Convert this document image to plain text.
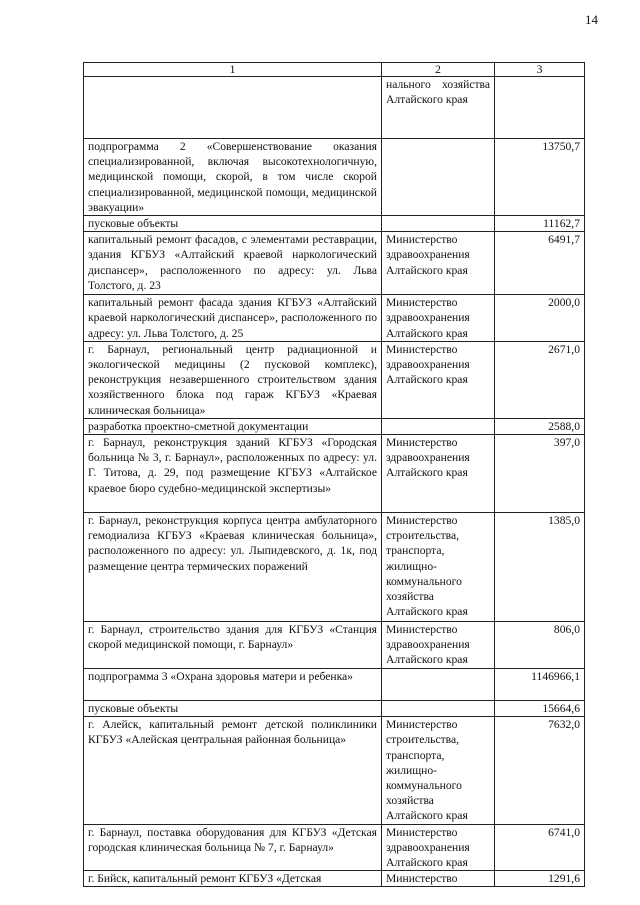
14
1	2	3
	нального хозяйства Алтайского края	
подпрограмма 2 «Совершенствование оказания специализированной, включая высокотехнологичную, медицинской помощи, скорой, в том числе скорой специализированной, медицинской помощи, медицинской эвакуации»		13750,7
пусковые объекты		11162,7
капитальный ремонт фасадов, с элементами реставрации, здания КГБУЗ «Алтайский краевой наркологический диспансер», расположенного по адресу: ул. Льва Толстого, д. 23	Министерство здравоохранения Алтайского края	6491,7
капитальный ремонт фасада здания КГБУЗ «Алтайский краевой наркологический диспансер», расположенного по адресу: ул. Льва Толстого, д. 25	Министерство здравоохранения Алтайского края	2000,0
г. Барнаул, региональный центр радиационной и экологической медицины (2 пусковой комплекс), реконструкция незавершенного строительством здания хозяйственного блока под гараж КГБУЗ «Краевая клиническая больница»	Министерство здравоохранения Алтайского края	2671,0
разработка проектно-сметной документации		2588,0
г. Барнаул, реконструкция зданий КГБУЗ «Городская больница № 3, г. Барнаул», расположенных по адресу: ул. Г. Титова, д. 29, под размещение КГБУЗ «Алтайское краевое бюро судебно-медицинской экспертизы»	Министерство здравоохранения Алтайского края	397,0
г. Барнаул, реконструкция корпуса центра амбулаторного гемодиализа КГБУЗ «Краевая клиническая больница», расположенного по адресу: ул. Лыпидевского, д. 1к, под размещение центра термических поражений	Министерство строительства, транспорта, жилищно-коммунального хозяйства Алтайского края	1385,0
г. Барнаул, строительство здания для КГБУЗ «Станция скорой медицинской помощи, г. Барнаул»	Министерство здравоохранения Алтайского края	806,0
подпрограмма 3 «Охрана здоровья матери и ребенка»		1146966,1
пусковые объекты		15664,6
г. Алейск, капитальный ремонт детской поликлиники КГБУЗ «Алейская центральная районная больница»	Министерство строительства, транспорта, жилищно-коммунального хозяйства Алтайского края	7632,0
г. Барнаул, поставка оборудования для КГБУЗ «Детская городская клиническая больница № 7, г. Барнаул»	Министерство здравоохранения Алтайского края	6741,0
г. Бийск, капитальный ремонт КГБУЗ «Детская	Министерство	1291,6
